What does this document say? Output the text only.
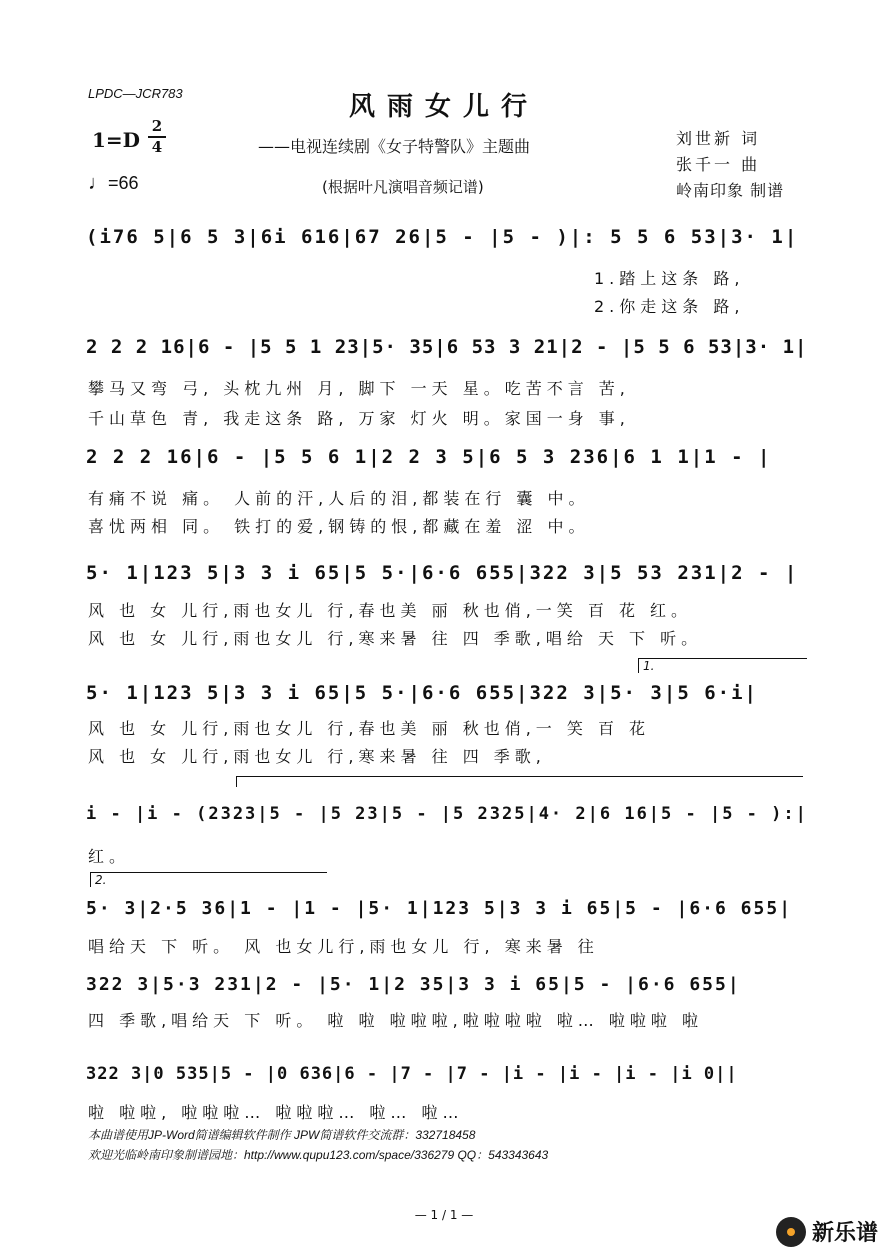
LPDC—JCR783	风雨女儿行
1=D
2
4
♩=66
——电视连续剧《女子特警队》主题曲
(根据叶凡演唱音频记谱)
刘世新 词
张千一 曲
岭南印象 制谱
(i76 5|6 5 3|6i 616|67 26|5 - |5 - )|: 5 5 6 53|3· 1|
1.踏上这条 路,
2.你走这条 路,
2 2 2 16|6 - |5 5 1 23|5· 35|6 53 3 21|2 - |5 5 6 53|3· 1|
攀马又弯 弓, 头枕九州 月, 脚下 一天 星。吃苦不言 苦,
千山草色 青, 我走这条 路, 万家 灯火 明。家国一身 事,
2 2 2 16|6 - |5 5 6 1|2 2 3 5|6 5 3 236|6 1 1|1 - |
有痛不说 痛。 人前的汗,人后的泪,都装在行 囊 中。
喜忧两相 同。 铁打的爱,钢铸的恨,都藏在羞 涩 中。
5· 1|123 5|3 3 i 65|5 5·|6·6 655|322 3|5 53 231|2 - |
风 也 女 儿行,雨也女儿 行,春也美 丽 秋也俏,一笑 百 花 红。
风 也 女 儿行,雨也女儿 行,寒来暑 往 四 季歌,唱给 天 下 听。
1.
5· 1|123 5|3 3 i 65|5 5·|6·6 655|322 3|5· 3|5 6·i|
风 也 女 儿行,雨也女儿 行,春也美 丽 秋也俏,一 笑 百 花
风 也 女 儿行,雨也女儿 行,寒来暑 往 四 季歌,
i - |i - (2323|5 - |5 23|5 - |5 2325|4· 2|6 16|5 - |5 - ):|
红。
2.
5· 3|2·5 36|1 - |1 - |5· 1|123 5|3 3 i 65|5 - |6·6 655|
唱给天 下 听。 风 也女儿行,雨也女儿 行, 寒来暑 往
322 3|5·3 231|2 - |5· 1|2 35|3 3 i 65|5 - |6·6 655|
四 季歌,唱给天 下 听。 啦 啦 啦啦啦,啦啦啦啦 啦… 啦啦啦 啦
322 3|0 535|5 - |0 636|6 - |7 - |7 - |i - |i - |i - |i 0||
啦 啦啦, 啦啦啦… 啦啦啦… 啦… 啦…
本曲谱使用JP-Word简谱编辑软件制作 JPW简谱软件交流群：332718458
欢迎光临岭南印象制谱园地：http://www.qupu123.com/space/336279 QQ：543343643
— 1 / 1 —
新乐谱
